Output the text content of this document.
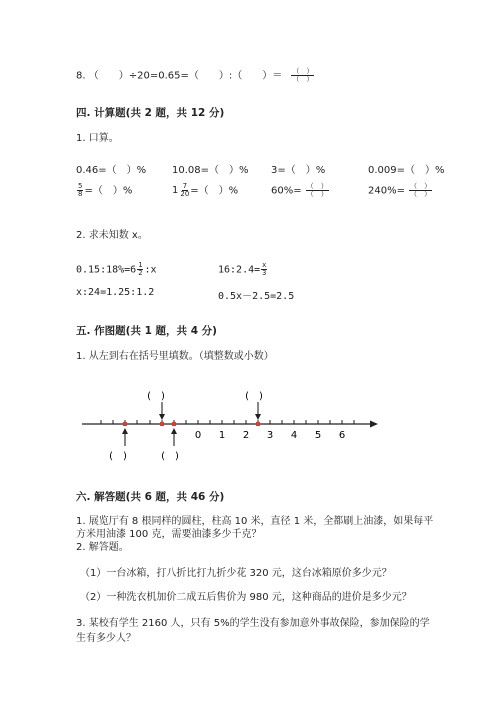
8. （　　）÷20=0.65=（　　）:（　　）＝ $\frac{( )}{( )}$
四. 计算题(共 2 题，共 12 分)
1. 口算。
0.46=（　）%	10.08=（　）% 3=（　）%	0.009=（　）%
$\frac{5}{8}$ =（　）%	$1 \frac{7}{20}$ =（　）%	$60\%= \frac{( )}{( )}$	$240\%= \frac{( )}{( )}$
2. 求未知数 x。
0.15:18%=6 $\frac{1}{2}$ :x	16:2.4= $\frac{x}{3}$
x:24=1.25:1.2	0.5x－2.5=2.5
五. 作图题(共 1 题，共 4 分)
1. 从左到右在括号里填数。（填整数或小数）
0 1 2 3 4 5 6
(　)	(　)
(　)	(　)
六. 解答题(共 6 题，共 46 分)
1. 展览厅有 8 根同样的圆柱，柱高 10 米，直径 1 米，全都刷上油漆，如果每平
方米用油漆 100 克，需要油漆多少千克？
2. 解答题。
（1）一台冰箱，打八折比打九折少花 320 元，这台冰箱原价多少元？
（2）一种洗衣机加价二成五后售价为 980 元，这种商品的进价是多少元？
3. 某校有学生 2160 人，只有 5%的学生没有参加意外事故保险，参加保险的学
生有多少人？
